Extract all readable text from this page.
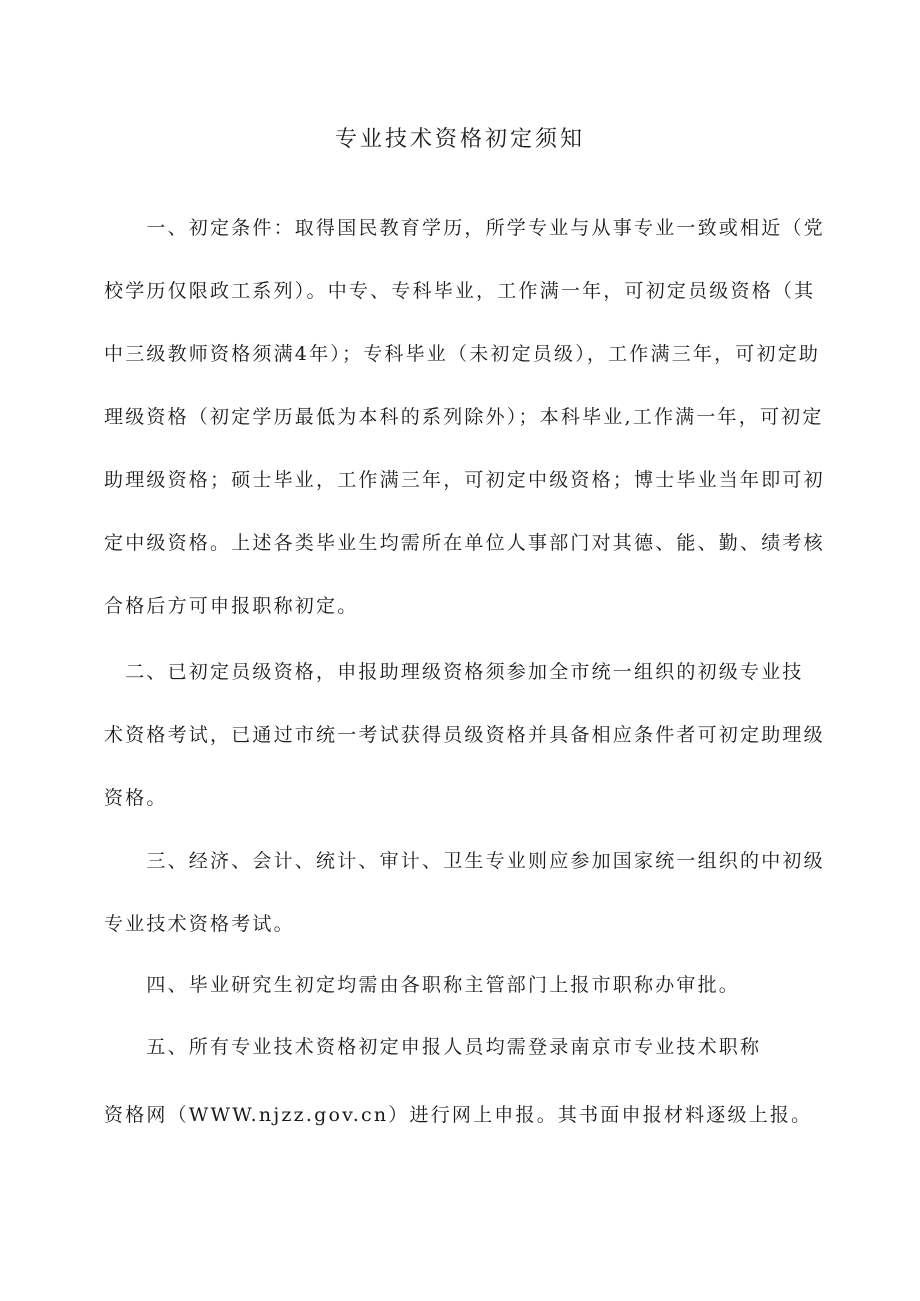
专业技术资格初定须知
　　一、初定条件：取得国民教育学历，所学专业与从事专业一致或相近（党
校学历仅限政工系列）。中专、专科毕业，工作满一年，可初定员级资格（其
中三级教师资格须满4年）；专科毕业（未初定员级），工作满三年，可初定助
理级资格（初定学历最低为本科的系列除外）；本科毕业,工作满一年，可初定
助理级资格；硕士毕业，工作满三年，可初定中级资格；博士毕业当年即可初
定中级资格。上述各类毕业生均需所在单位人事部门对其德、能、勤、绩考核
合格后方可申报职称初定。
　二、已初定员级资格，申报助理级资格须参加全市统一组织的初级专业技
术资格考试，已通过市统一考试获得员级资格并具备相应条件者可初定助理级
资格。
　　三、经济、会计、统计、审计、卫生专业则应参加国家统一组织的中初级
专业技术资格考试。
　　四、毕业研究生初定均需由各职称主管部门上报市职称办审批。
　　五、所有专业技术资格初定申报人员均需登录南京市专业技术职称
资格网（WWW.njzz.gov.cn）进行网上申报。其书面申报材料逐级上报。
